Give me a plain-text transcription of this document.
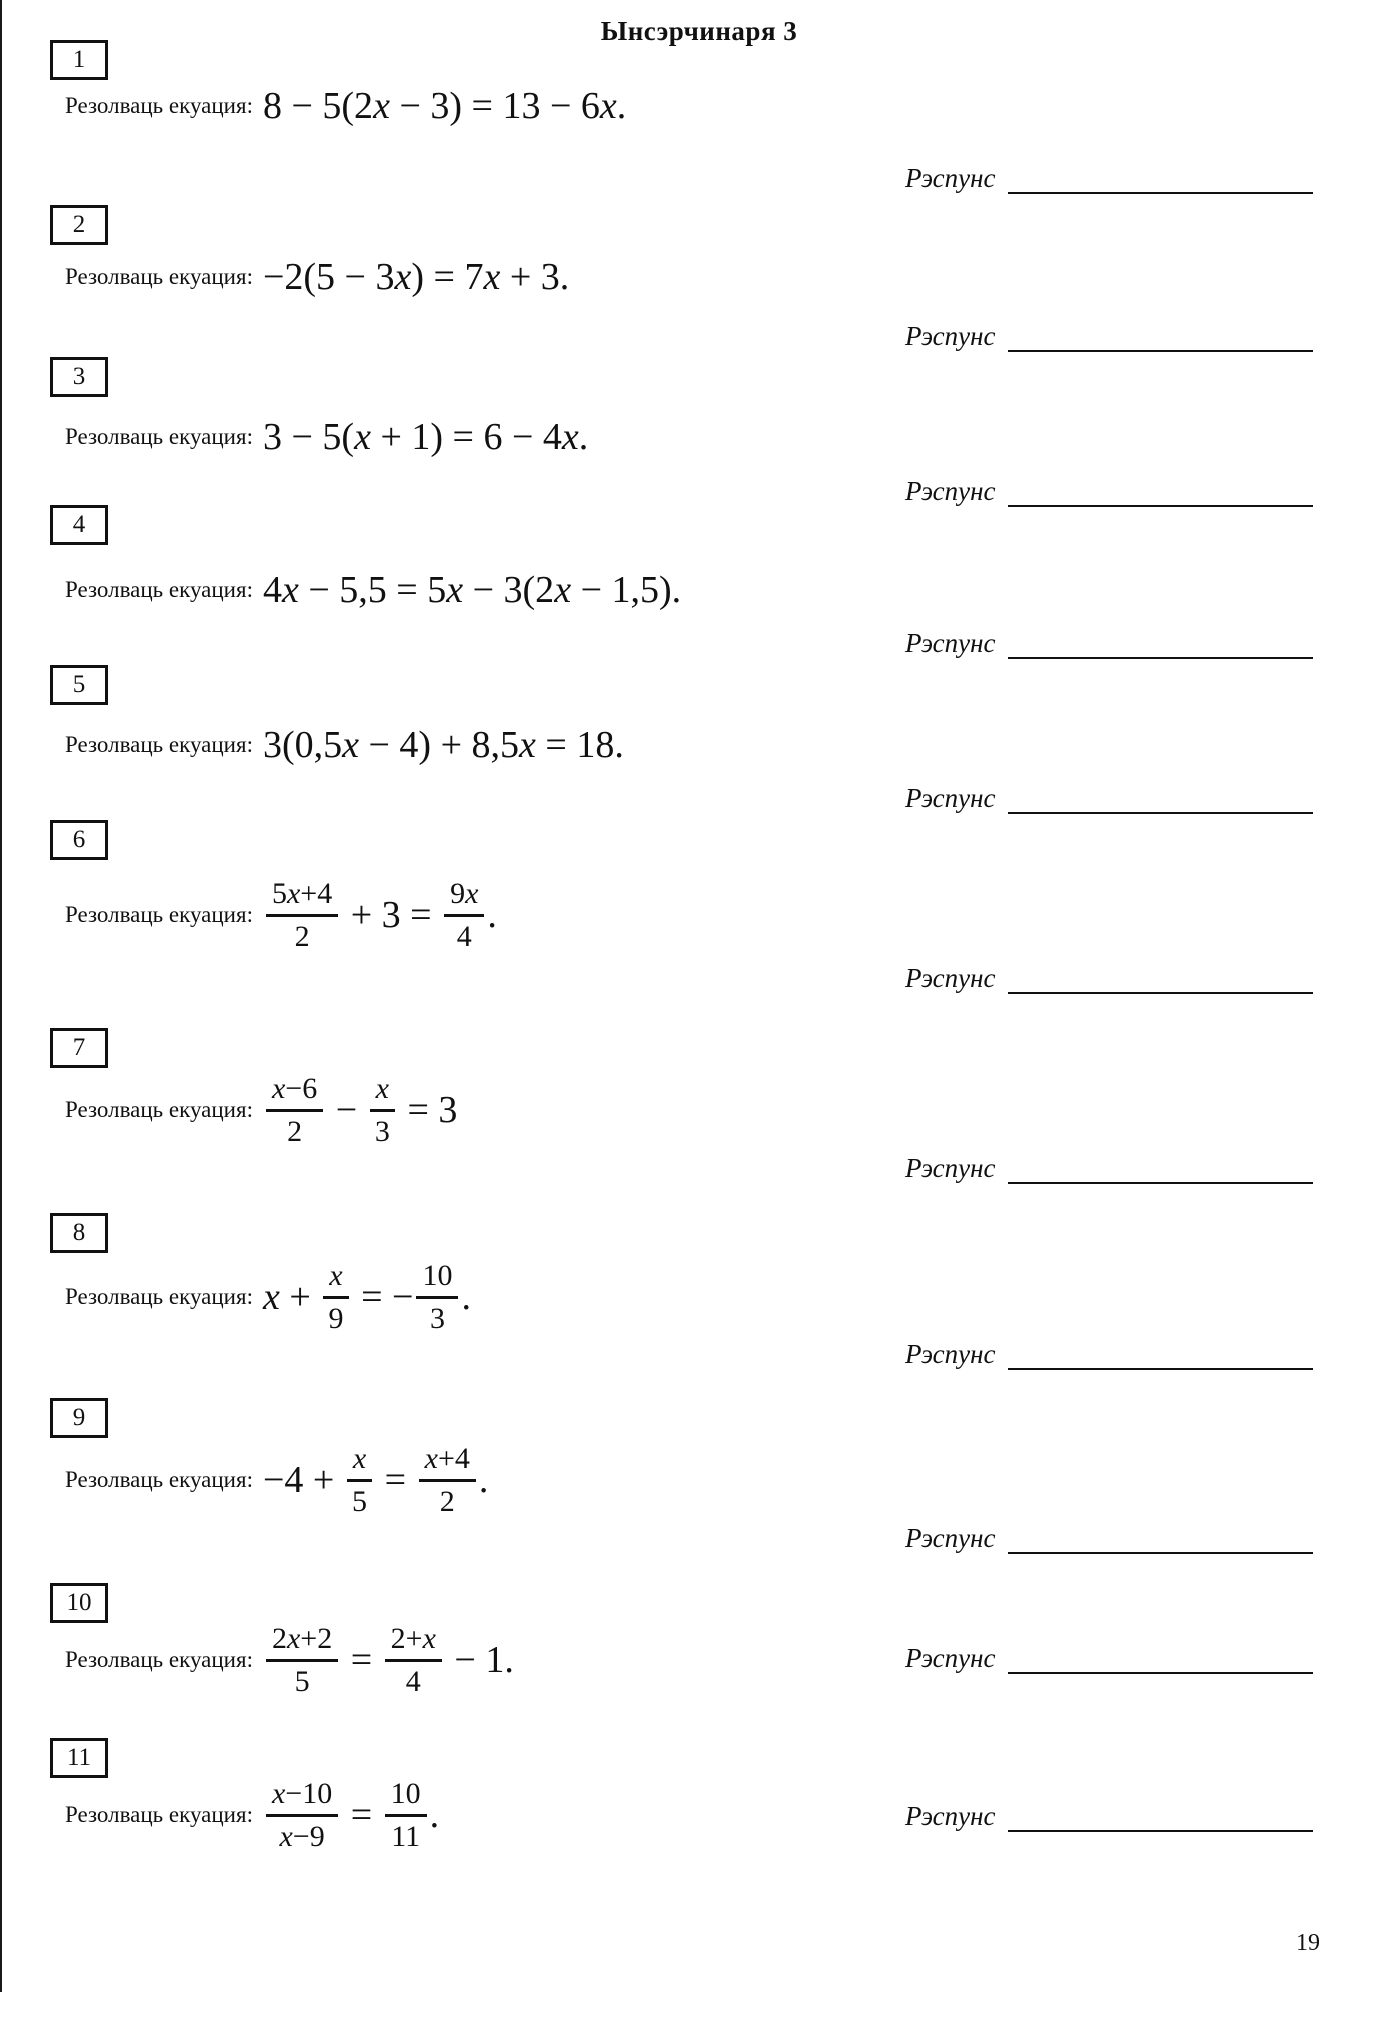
Ынсэрчинаря 3
1
Резолваць екуация: 8 − 5(2x − 3) = 13 − 6x.
Рэспунс
2
Резолваць екуация: −2(5 − 3x) = 7x + 3.
Рэспунс
3
Резолваць екуация: 3 − 5(x + 1) = 6 − 4x.
Рэспунс
4
Резолваць екуация: 4x − 5,5 = 5x − 3(2x − 1,5).
Рэспунс
5
Резолваць екуация: 3(0,5x − 4) + 8,5x = 18.
Рэспунс
6
Резолваць екуация: $\frac{5x+4}{2} + 3 = \frac{9x}{4}$ .
Рэспунс
7
Резолваць екуация: $\frac{x-6}{2} - \frac{x}{3} = 3$
Рэспунс
8
Резолваць екуация: $x + \frac{x}{9}$ = − $\frac{10}{3}$ .
Рэспунс
9
Резолваць екуация: $-4 + \frac{x}{5} = \frac{x+4}{2}$ .
Рэспунс
10
Резолваць екуация: $\frac{2x+2}{5} = \frac{2+x}{4} - 1$.	Рэспунс
11
Резолваць екуация: $\frac{x-10}{x-9} = \frac{10}{11}$ .	Рэспунс
19
